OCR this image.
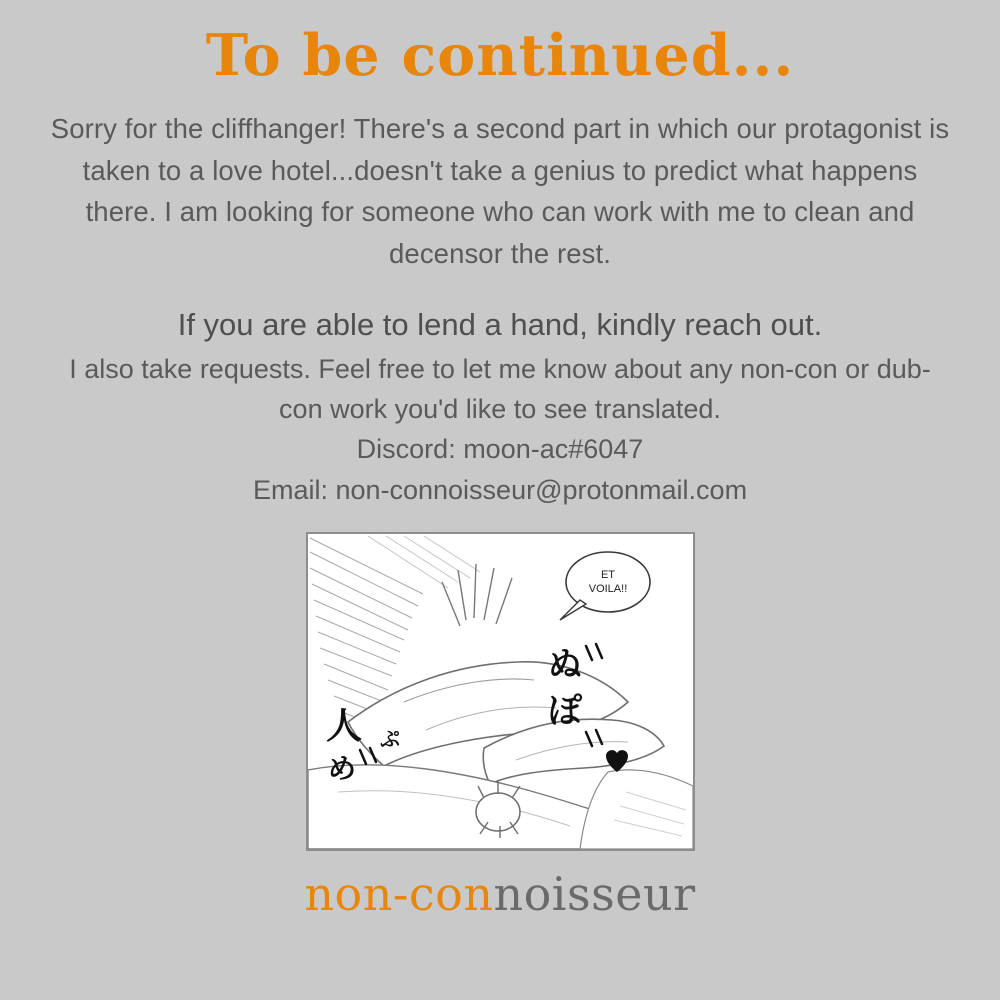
To be continued...

Sorry for the cliffhanger! There's a second part in which our protagonist is taken to a love hotel...doesn't take a genius to predict what happens there. I am looking for someone who can work with me to clean and decensor the rest.

If you are able to lend a hand, kindly reach out.

I also take requests. Feel free to let me know about any non-con or dub-con work you'd like to see translated.

Discord: moon-ac#6047

Email: non-connoisseur@protonmail.com

ET
VOILA!!
ぬ
ぽ
人
め
ぷ
non-connoisseur
